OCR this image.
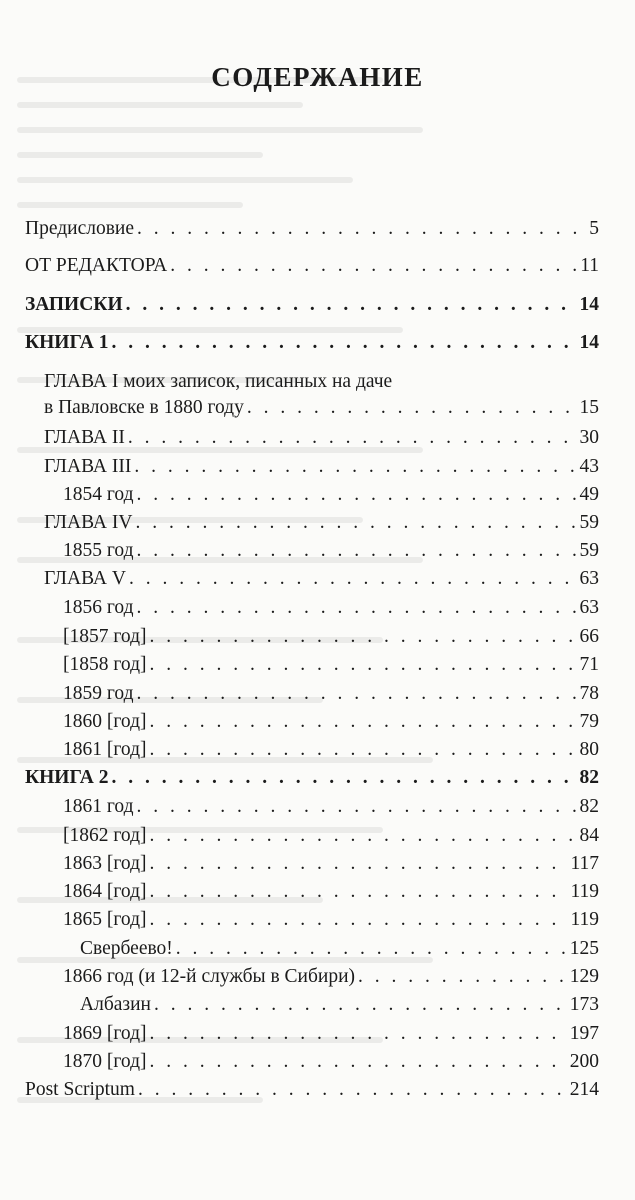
СОДЕРЖАНИЕ
Предисловие . . .	5
ОТ РЕДАКТОРА . . .	11
ЗАПИСКИ . . .	14
КНИГА 1 . . .	14
ГЛАВА I моих записок, писанных на даче
в Павловске в 1880 году . . .	15
ГЛАВА II . . .	30
ГЛАВА III . . .	43
1854 год . . .	49
ГЛАВА IV . . .	59
1855 год . . .	59
ГЛАВА V . . .	63
1856 год . . .	63
[1857 год] . . .	66
[1858 год] . . .	71
1859 год . . .	78
1860 [год] . . .	79
1861 [год] . . .	80
КНИГА 2 . . .	82
1861 год . . .	82
[1862 год] . . .	84
1863 [год] . . .	117
1864 [год] . . .	119
1865 [год] . . .	119
Свербеево! . . .	125
1866 год (и 12-й службы в Сибири) . . .	129
Албазин . . .	173
1869 [год] . . .	197
1870 [год] . . .	200
Post Scriptum . . .	214
